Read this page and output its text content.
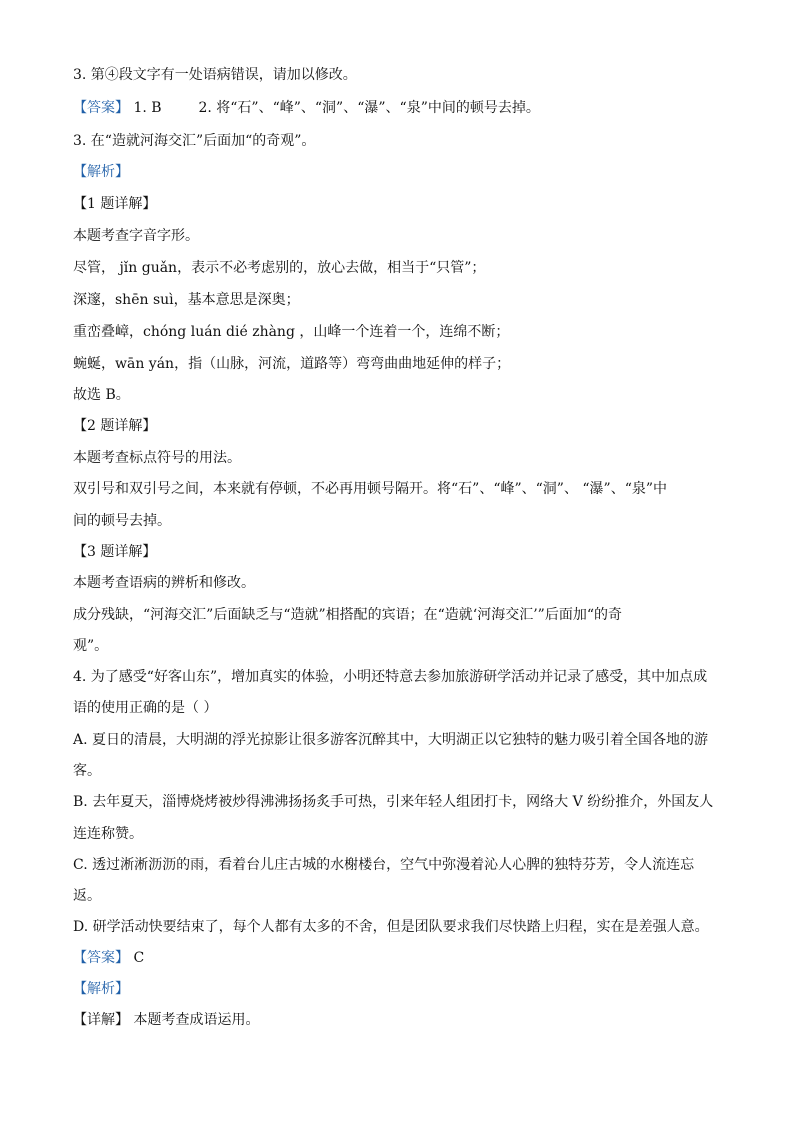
3. 第④段文字有一处语病错误，请加以修改。
【答案】 1. B	2. 将“石”、“峰”、“洞”、“瀑”、“泉”中间的顿号去掉。
3. 在“造就河海交汇”后面加“的奇观”。
【解析】
【1 题详解】
本题考查字音字形。
尽管， jǐn guǎn，表示不必考虑别的，放心去做，相当于“只管”；
深邃，shēn suì，基本意思是深奥；
重峦叠嶂，chóng luán dié zhàng ，山峰一个连着一个，连绵不断；
蜿蜒，wān yán，指（山脉，河流，道路等）弯弯曲曲地延伸的样子；
故选 B。
【2 题详解】
本题考查标点符号的用法。
双引号和双引号之间，本来就有停顿，不必再用顿号隔开。将“石”、“峰”、“洞”、 “瀑”、“泉”中
间的顿号去掉。
【3 题详解】
本题考查语病的辨析和修改。
成分残缺，“河海交汇”后面缺乏与“造就”相搭配的宾语；在“造就‘河海交汇’”后面加“的奇
观”。
4. 为了感受“好客山东”，增加真实的体验，小明还特意去参加旅游研学活动并记录了感受，其中加点成
语的使用正确的是（ ）
A. 夏日的清晨，大明湖的浮光掠影让很多游客沉醉其中，大明湖正以它独特的魅力吸引着全国各地的游
客。
B. 去年夏天，淄博烧烤被炒得沸沸扬扬炙手可热，引来年轻人组团打卡，网络大 V 纷纷推介，外国友人
连连称赞。
C. 透过淅淅沥沥的雨，看着台儿庄古城的水榭楼台，空气中弥漫着沁人心脾的独特芬芳，令人流连忘
返。
D. 研学活动快要结束了，每个人都有太多的不舍，但是团队要求我们尽快踏上归程，实在是差强人意。
【答案】 C
【解析】
【详解】 本题考查成语运用。
